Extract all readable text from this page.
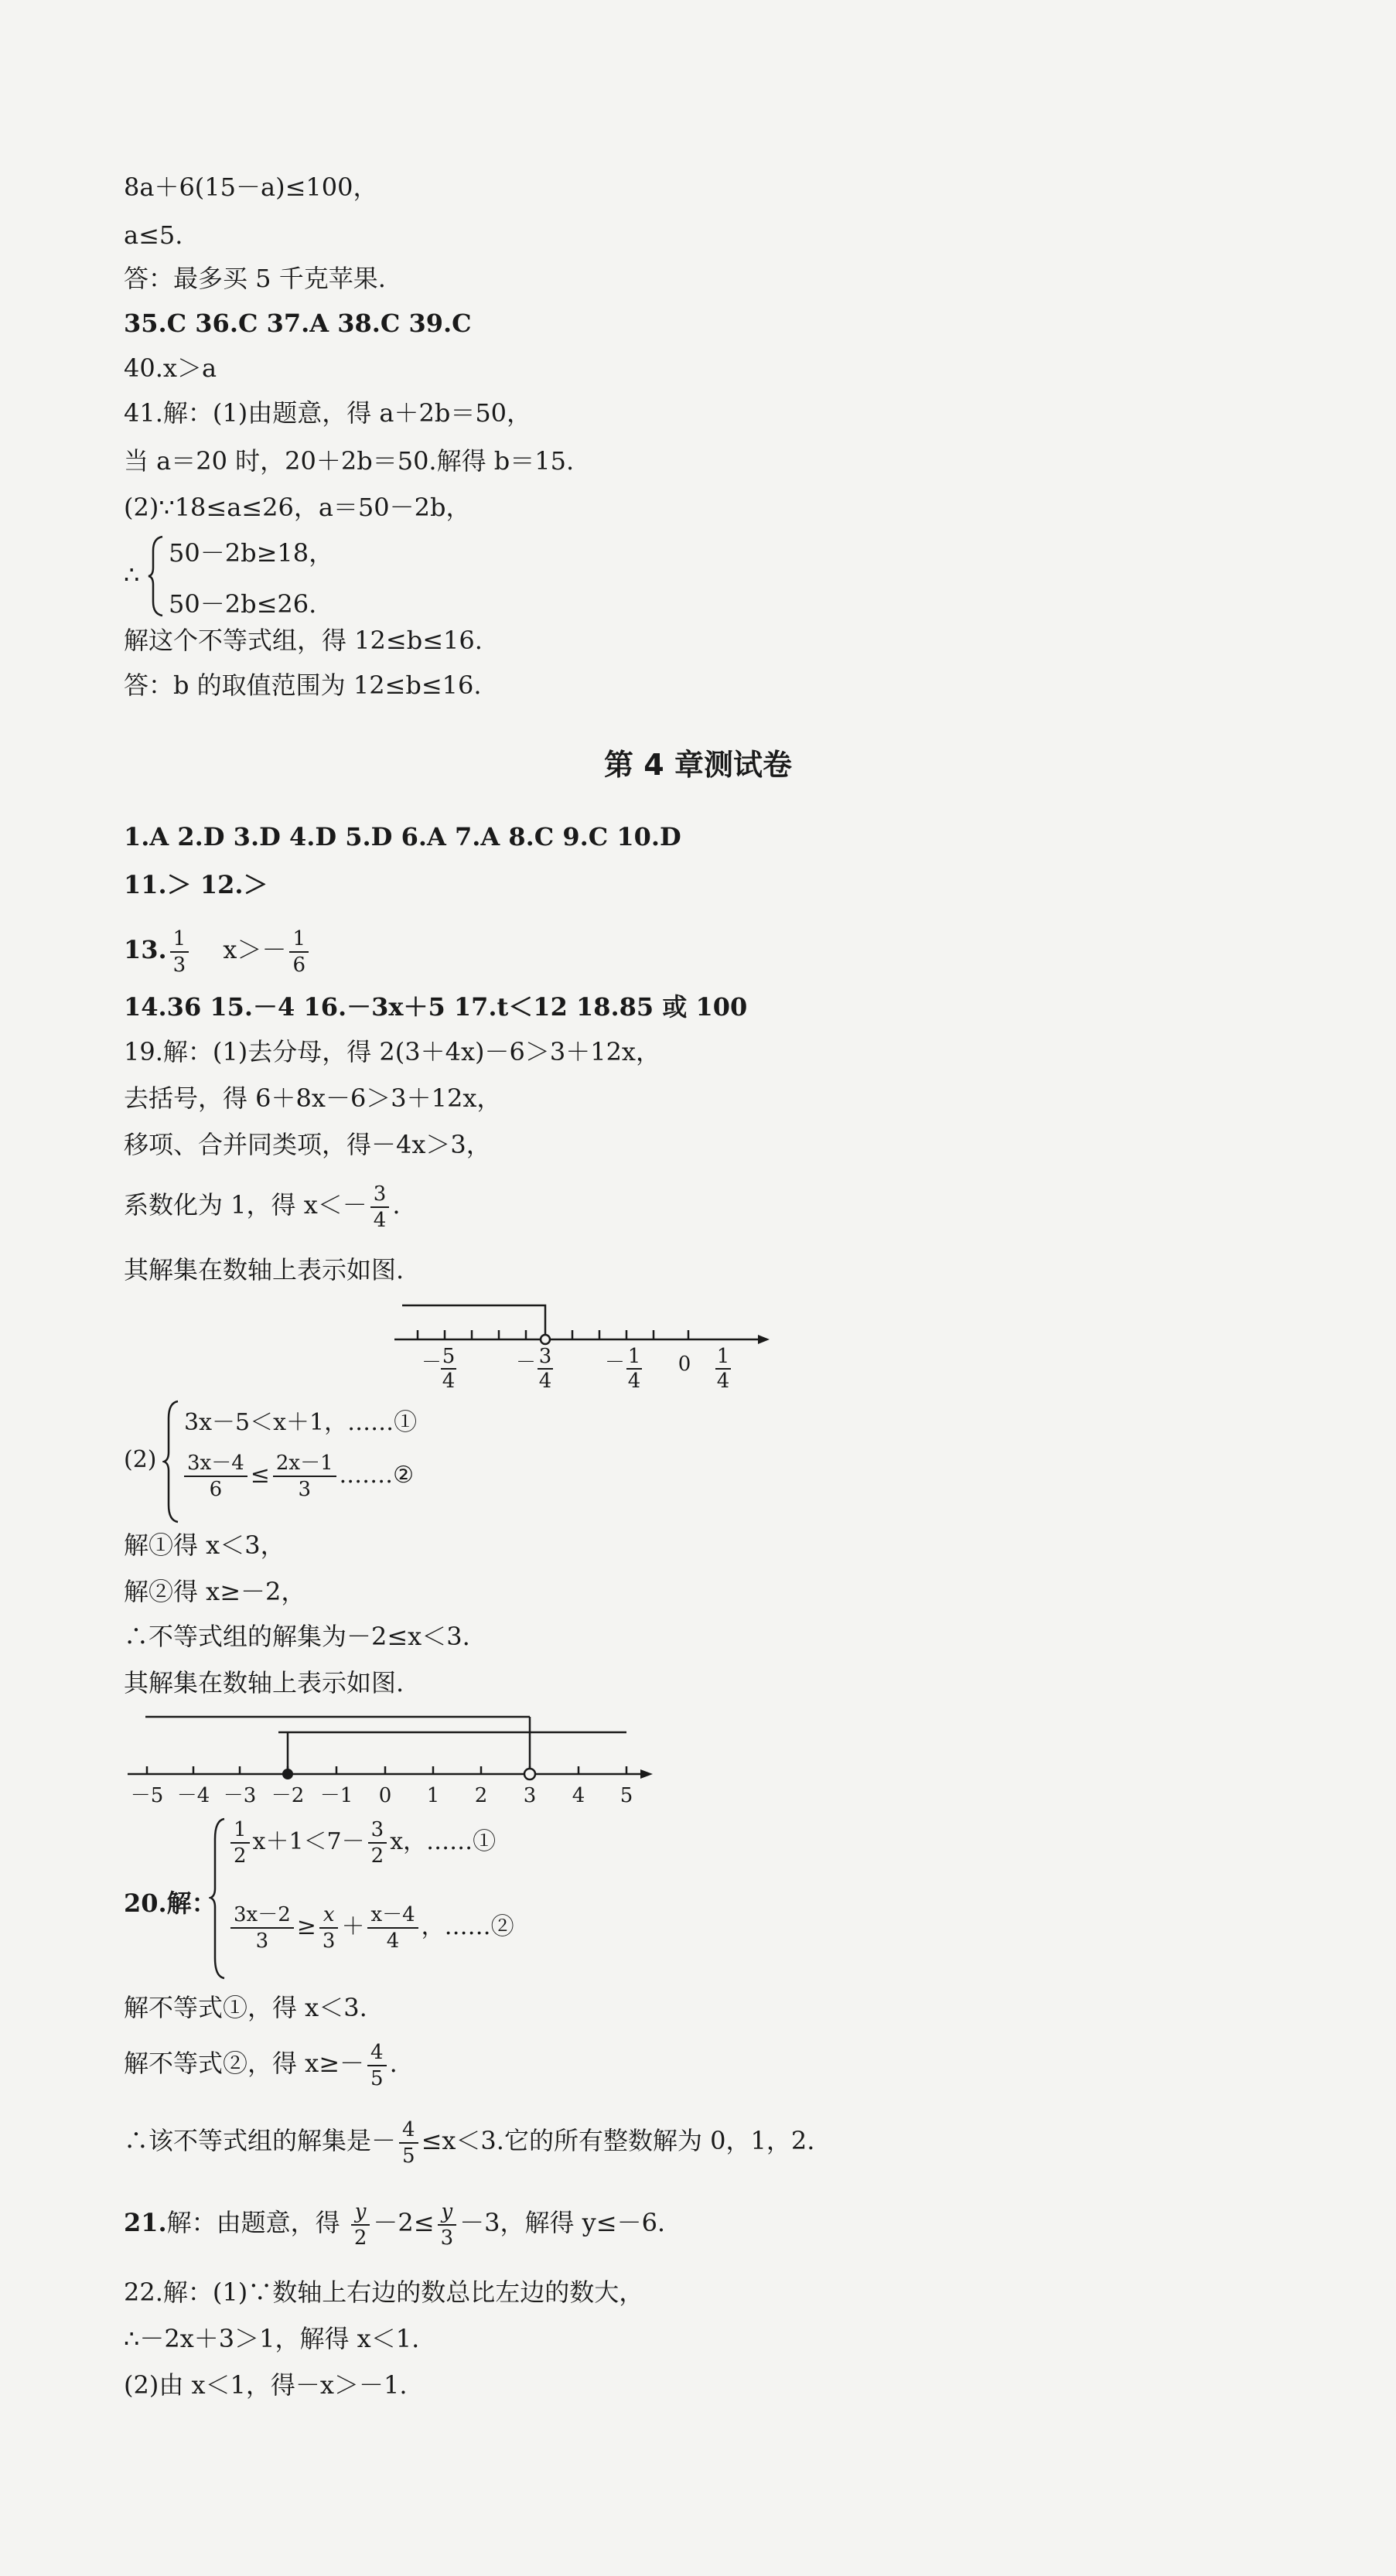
8a＋6(15－a)≤100，
a≤5.
答：最多买 5 千克苹果.
35.C 36.C 37.A 38.C 39.C
40.x＞a
41.解：(1)由题意，得 a＋2b＝50，
当 a＝20 时，20＋2b＝50.解得 b＝15.
(2)∵18≤a≤26，a＝50－2b，
∴
50－2b≥18，
50－2b≤26.
解这个不等式组，得 12≤b≤16.
答：b 的取值范围为 12≤b≤16.
第 4 章测试卷
1.A 2.D 3.D 4.D 5.D 6.A 7.A 8.C 9.C 10.D
11.＞ 12.＞
13. $\frac{1}{3} x>- \frac{1}{6}$
14.36 15.－4 16.－3x＋5 17.t＜12 18.85 或 100
19.解：(1)去分母，得 2(3＋4x)－6＞3＋12x，
去括号，得 6＋8x－6＞3＋12x，
移项、合并同类项，得－4x＞3，
系数化为 1，得 $x<- \frac{3}{4}$ .
其解集在数轴上表示如图.
－ 5
4
－ 3
4
－ 1
4
0 1
4
(2)
3x－5＜x＋1，……①
$\frac{3x-4}{6} \le \frac{2x-1}{3}$ .……②
解①得 x＜3，
解②得 x≥－2，
∴不等式组的解集为－2≤x＜3.
其解集在数轴上表示如图.
－5 －4 －3 －2 －1 0 1 2 3 4 5
20.解：
$\frac{1}{2} x+1<7- \frac{3}{2}$ x，……①
$\frac{3x-2}{3} \ge \frac{x}{3} + \frac{x-4}{4}$ ，……②
解不等式①，得 x＜3.
解不等式②，得 $x\ge- \frac{4}{5}$ .
∴该不等式组的解集是－ $\frac{4}{5} \le x<3$.它的所有整数解为 0，1，2.
21.解：由题意，得 $\frac{y}{2} -2\le \frac{y}{3} -3$，解得 y≤－6.
22.解：(1)∵数轴上右边的数总比左边的数大，
∴－2x＋3＞1，解得 x＜1.
(2)由 x＜1，得－x＞－1.
